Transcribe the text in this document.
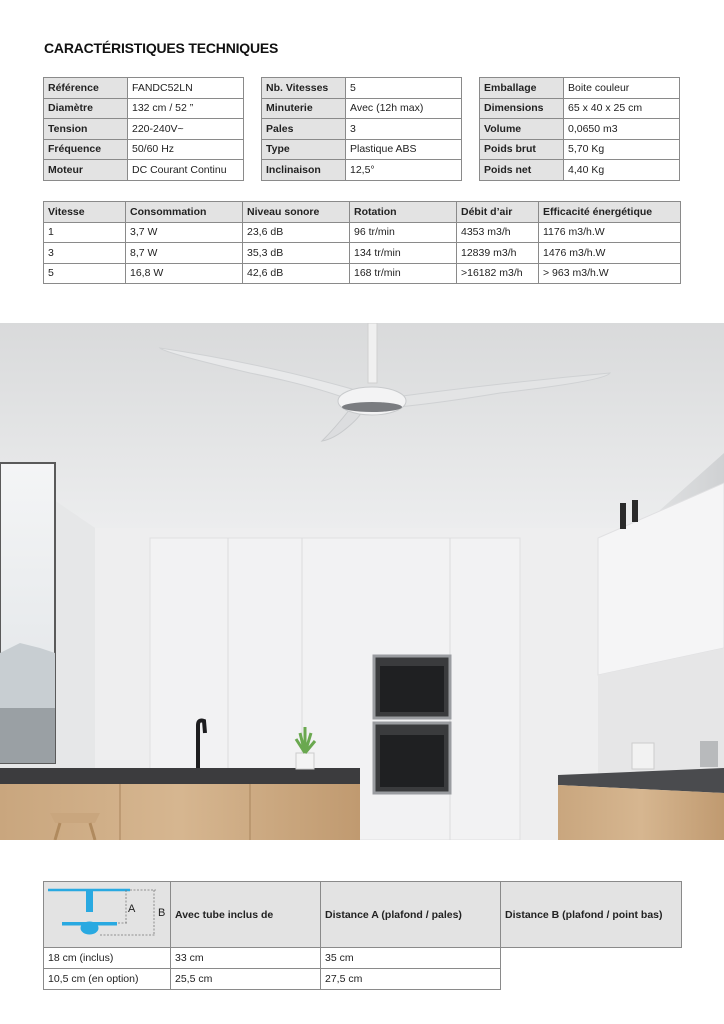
CARACTÉRISTIQUES TECHNIQUES
Référence	FANDC52LN
Diamètre	132 cm / 52 ”
Tension	220-240V~
Fréquence	50/60 Hz
Moteur	DC Courant Continu
Nb. Vitesses	5
Minuterie	Avec (12h max)
Pales	3
Type	Plastique ABS
Inclinaison	12,5°
Emballage	Boite couleur
Dimensions	65 x 40 x 25 cm
Volume	0,0650 m3
Poids brut	5,70 Kg
Poids net	4,40 Kg
Vitesse	Consommation	Niveau sonore	Rotation	Débit d’air	Efficacité énergétique
1	3,7 W	23,6 dB	96 tr/min	4353 m3/h	1176 m3/h.W
3	8,7 W	35,3 dB	134 tr/min	12839 m3/h	1476 m3/h.W
5	16,8 W	42,6 dB	168 tr/min	>16182 m3/h	> 963 m3/h.W
A B	Avec tube inclus de	Distance A (plafond / pales)	Distance B (plafond / point bas)
18 cm (inclus)	33 cm	35 cm	
10,5 cm (en option)	25,5 cm	27,5 cm	
